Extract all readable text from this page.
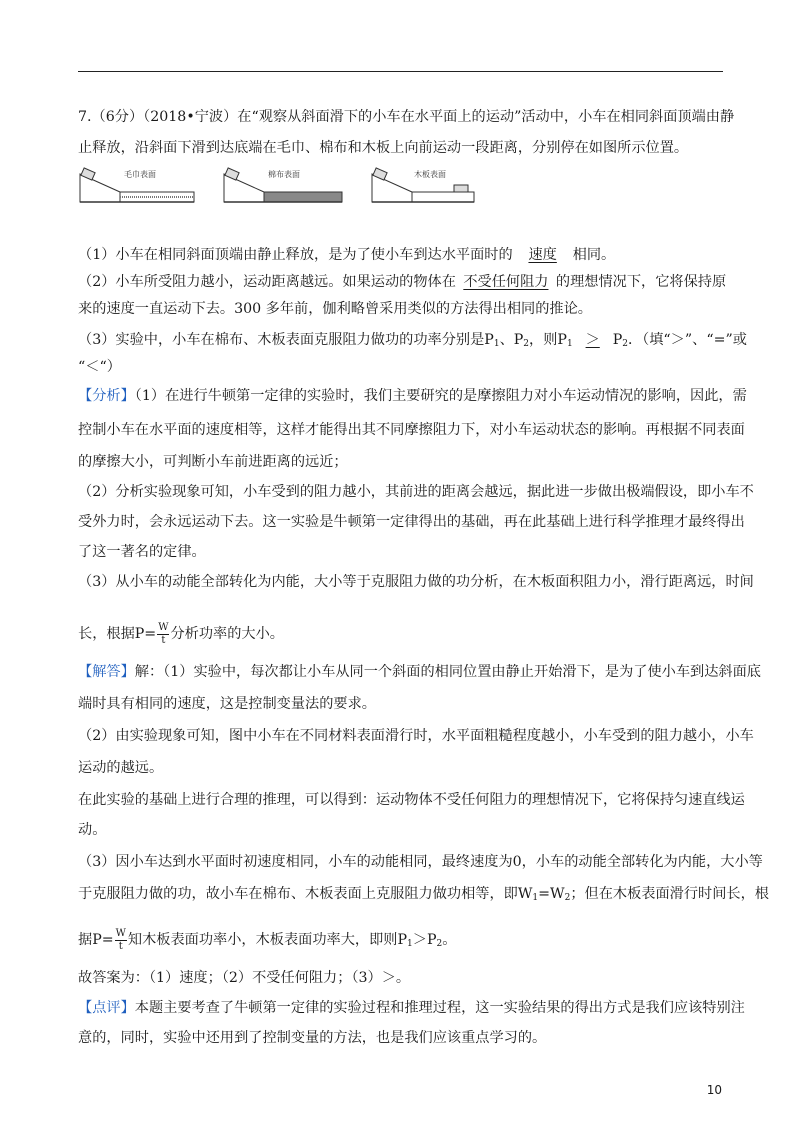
7.（6分）（2018•宁波）在“观察从斜面滑下的小车在水平面上的运动”活动中，小车在相同斜面顶端由静
止释放，沿斜面下滑到达底端在毛巾、棉布和木板上向前运动一段距离，分别停在如图所示位置。
毛巾表面	棉布表面	木板表面
（1）小车在相同斜面顶端由静止释放，是为了使小车到达水平面时的 速度 相同。
（2）小车所受阻力越小，运动距离越远。如果运动的物体在 不受任何阻力 的理想情况下，它将保持原
来的速度一直运动下去。300 多年前，伽利略曾采用类似的方法得出相同的推论。
（3）实验中，小车在棉布、木板表面克服阻力做功的功率分别是$P_1$、$P_2$，则$P_1 > P_2$．（填“＞”、“=”或
“＜“）
【分析】（1）在进行牛顿第一定律的实验时，我们主要研究的是摩擦阻力对小车运动情况的影响，因此，需
控制小车在水平面的速度相等，这样才能得出其不同摩擦阻力下，对小车运动状态的影响。再根据不同表面
的摩擦大小，可判断小车前进距离的远近；
（2）分析实验现象可知，小车受到的阻力越小，其前进的距离会越远，据此进一步做出极端假设，即小车不
受外力时，会永远运动下去。这一实验是牛顿第一定律得出的基础，再在此基础上进行科学推理才最终得出
了这一著名的定律。
（3）从小车的动能全部转化为内能，大小等于克服阻力做的功分析，在木板面积阻力小，滑行距离远，时间
长，根据$P= \frac{W}{t}$ 分析功率的大小。
【解答】解：（1）实验中，每次都让小车从同一个斜面的相同位置由静止开始滑下，是为了使小车到达斜面底
端时具有相同的速度，这是控制变量法的要求。
（2）由实验现象可知，图中小车在不同材料表面滑行时，水平面粗糙程度越小，小车受到的阻力越小，小车
运动的越远。
在此实验的基础上进行合理的推理，可以得到：运动物体不受任何阻力的理想情况下，它将保持匀速直线运
动。
（3）因小车达到水平面时初速度相同，小车的动能相同，最终速度为0，小车的动能全部转化为内能，大小等
于克服阻力做的功，故小车在棉布、木板表面上克服阻力做功相等，即$W_1=W_2$；但在木板表面滑行时间长，根
据$P= \frac{W}{t}$ 知木板表面功率小，木板表面功率大，即则$P_1>P_2$。
故答案为：（1）速度；（2）不受任何阻力；（3）＞。
【点评】本题主要考查了牛顿第一定律的实验过程和推理过程，这一实验结果的得出方式是我们应该特别注
意的，同时，实验中还用到了控制变量的方法，也是我们应该重点学习的。
10
